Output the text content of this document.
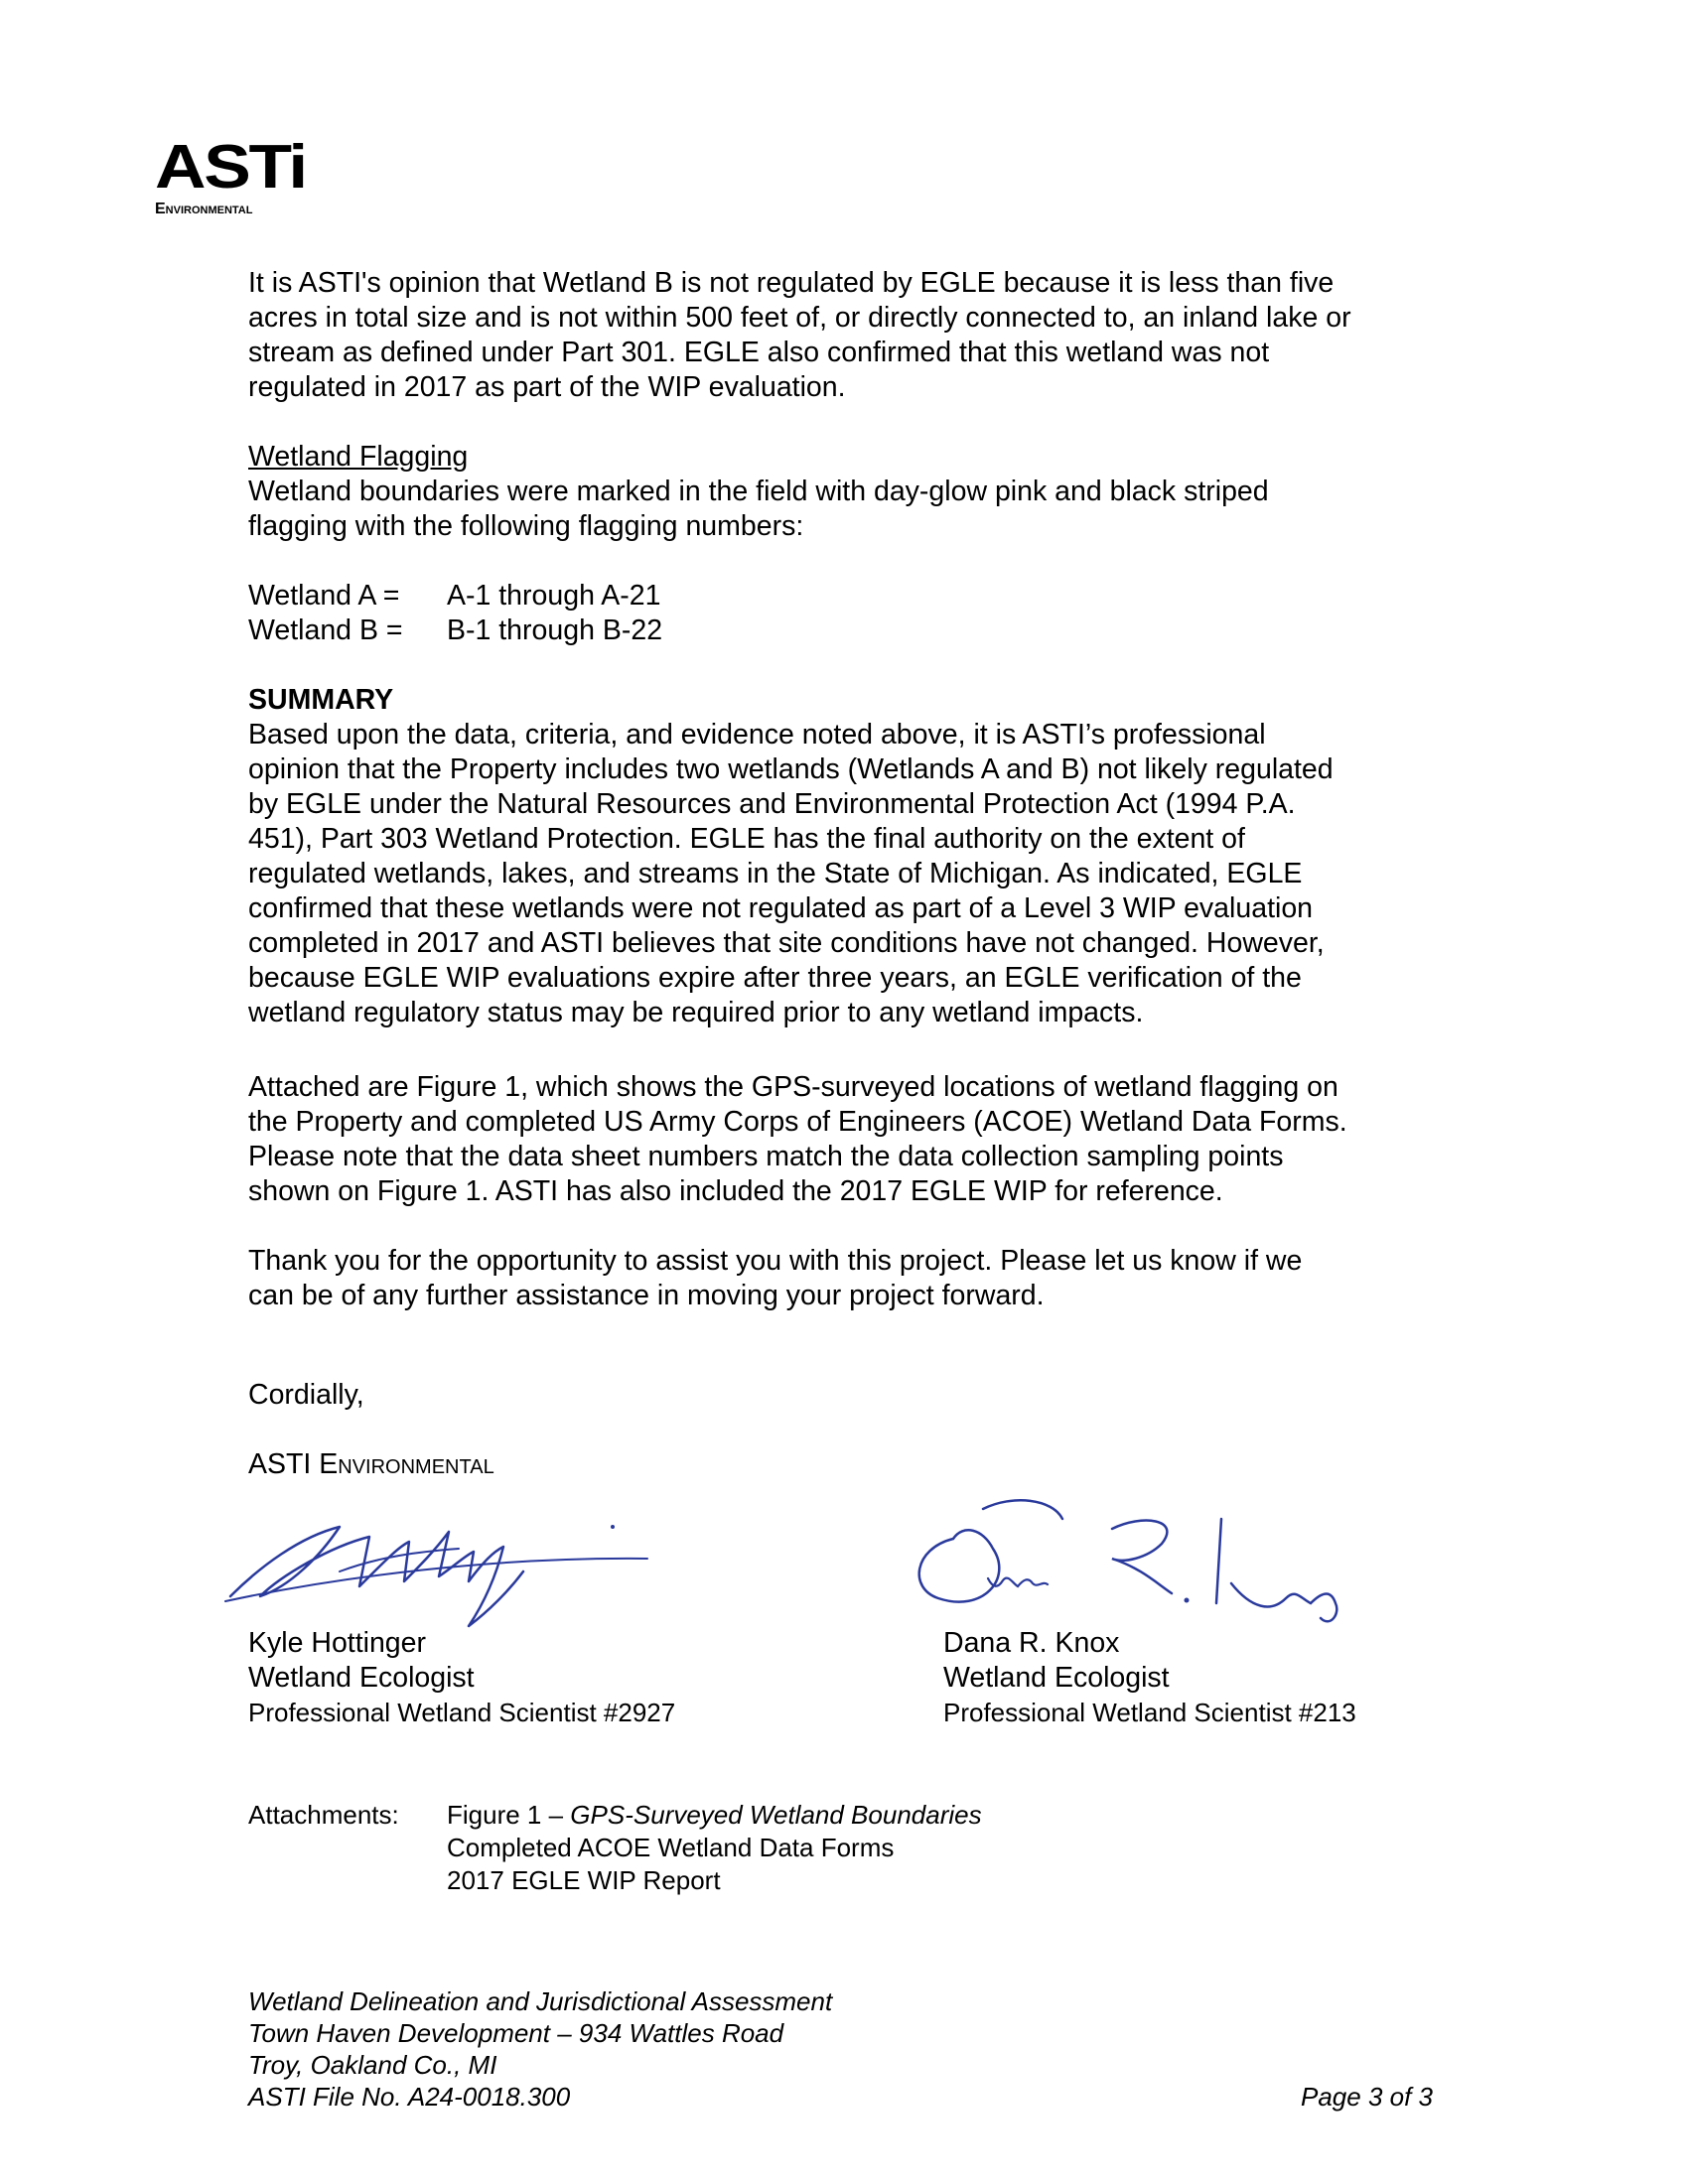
ASTi
Environmental
It is ASTI's opinion that Wetland B is not regulated by EGLE because it is less than five
acres in total size and is not within 500 feet of, or directly connected to, an inland lake or
stream as defined under Part 301. EGLE also confirmed that this wetland was not
regulated in 2017 as part of the WIP evaluation.
Wetland Flagging
Wetland boundaries were marked in the field with day-glow pink and black striped
flagging with the following flagging numbers:
Wetland A =	A-1 through A-21
Wetland B =	B-1 through B-22
SUMMARY
Based upon the data, criteria, and evidence noted above, it is ASTI’s professional
opinion that the Property includes two wetlands (Wetlands A and B) not likely regulated
by EGLE under the Natural Resources and Environmental Protection Act (1994 P.A.
451), Part 303 Wetland Protection. EGLE has the final authority on the extent of
regulated wetlands, lakes, and streams in the State of Michigan. As indicated, EGLE
confirmed that these wetlands were not regulated as part of a Level 3 WIP evaluation
completed in 2017 and ASTI believes that site conditions have not changed. However,
because EGLE WIP evaluations expire after three years, an EGLE verification of the
wetland regulatory status may be required prior to any wetland impacts.
Attached are Figure 1, which shows the GPS-surveyed locations of wetland flagging on
the Property and completed US Army Corps of Engineers (ACOE) Wetland Data Forms.
Please note that the data sheet numbers match the data collection sampling points
shown on Figure 1. ASTI has also included the 2017 EGLE WIP for reference.
Thank you for the opportunity to assist you with this project. Please let us know if we
can be of any further assistance in moving your project forward.
Cordially,
ASTI Environmental
Kyle Hottinger
Wetland Ecologist
Professional Wetland Scientist #2927
Dana R. Knox
Wetland Ecologist
Professional Wetland Scientist #213
Attachments: Figure 1 – GPS-Surveyed Wetland Boundaries
Completed ACOE Wetland Data Forms
2017 EGLE WIP Report
Wetland Delineation and Jurisdictional Assessment
Town Haven Development – 934 Wattles Road
Troy, Oakland Co., MI
ASTI File No. A24-0018.300	Page 3 of 3
